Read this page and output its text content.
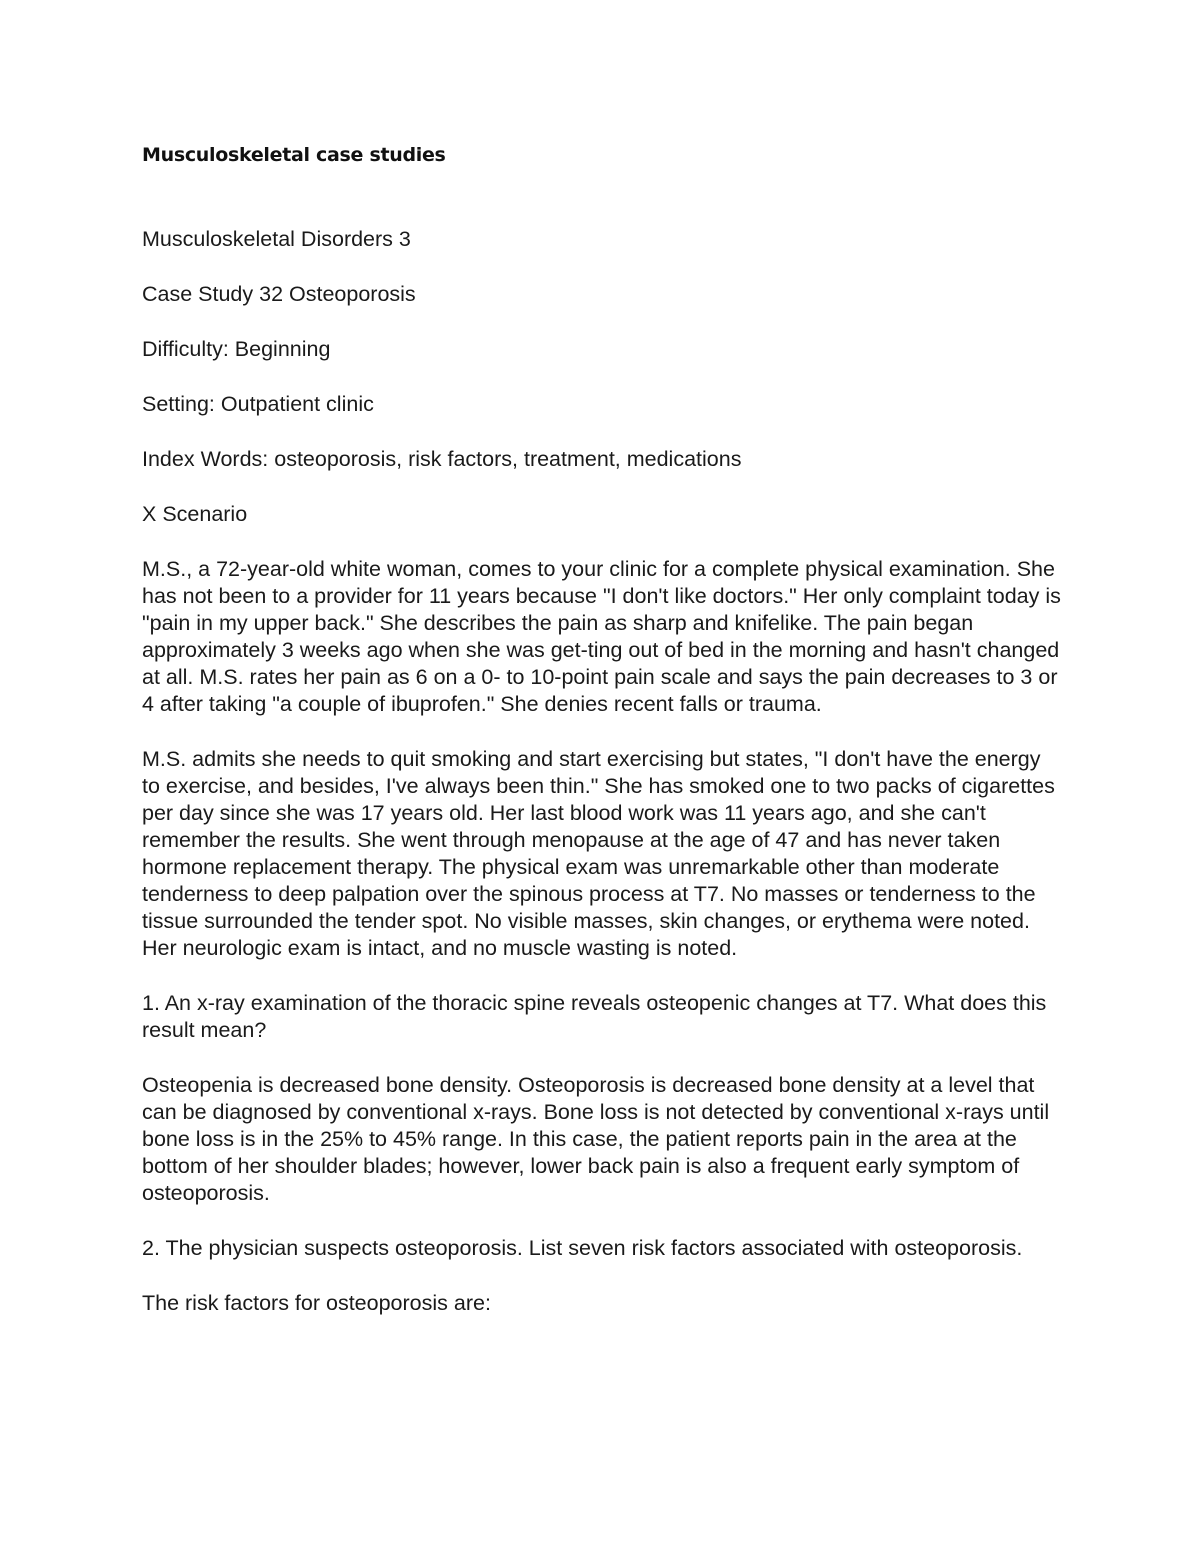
Musculoskeletal case studies

Musculoskeletal Disorders 3

Case Study 32 Osteoporosis

Difficulty: Beginning

Setting: Outpatient clinic

Index Words: osteoporosis, risk factors, treatment, medications

X Scenario

M.S., a 72-year-old white woman, comes to your clinic for a complete physical examination. She has not been to a provider for 11 years because "I don't like doctors." Her only complaint today is "pain in my upper back." She describes the pain as sharp and knifelike. The pain began approximately 3 weeks ago when she was get-ting out of bed in the morning and hasn't changed at all. M.S. rates her pain as 6 on a 0- to 10-point pain scale and says the pain decreases to 3 or 4 after taking "a couple of ibuprofen." She denies recent falls or trauma.

M.S. admits she needs to quit smoking and start exercising but states, "I don't have the energy to exercise, and besides, I've always been thin." She has smoked one to two packs of cigarettes per day since she was 17 years old. Her last blood work was 11 years ago, and she can't remember the results. She went through menopause at the age of 47 and has never taken hormone replacement therapy. The physical exam was unremarkable other than moderate tenderness to deep palpation over the spinous process at T7. No masses or tenderness to the tissue surrounded the tender spot. No visible masses, skin changes, or erythema were noted. Her neurologic exam is intact, and no muscle wasting is noted.

1. An x-ray examination of the thoracic spine reveals osteopenic changes at T7. What does this result mean?

Osteopenia is decreased bone density. Osteoporosis is decreased bone density at a level that can be diagnosed by conventional x-rays. Bone loss is not detected by conventional x-rays until bone loss is in the 25% to 45% range. In this case, the patient reports pain in the area at the bottom of her shoulder blades; however, lower back pain is also a frequent early symptom of osteoporosis.

2. The physician suspects osteoporosis. List seven risk factors associated with osteoporosis.

The risk factors for osteoporosis are:
